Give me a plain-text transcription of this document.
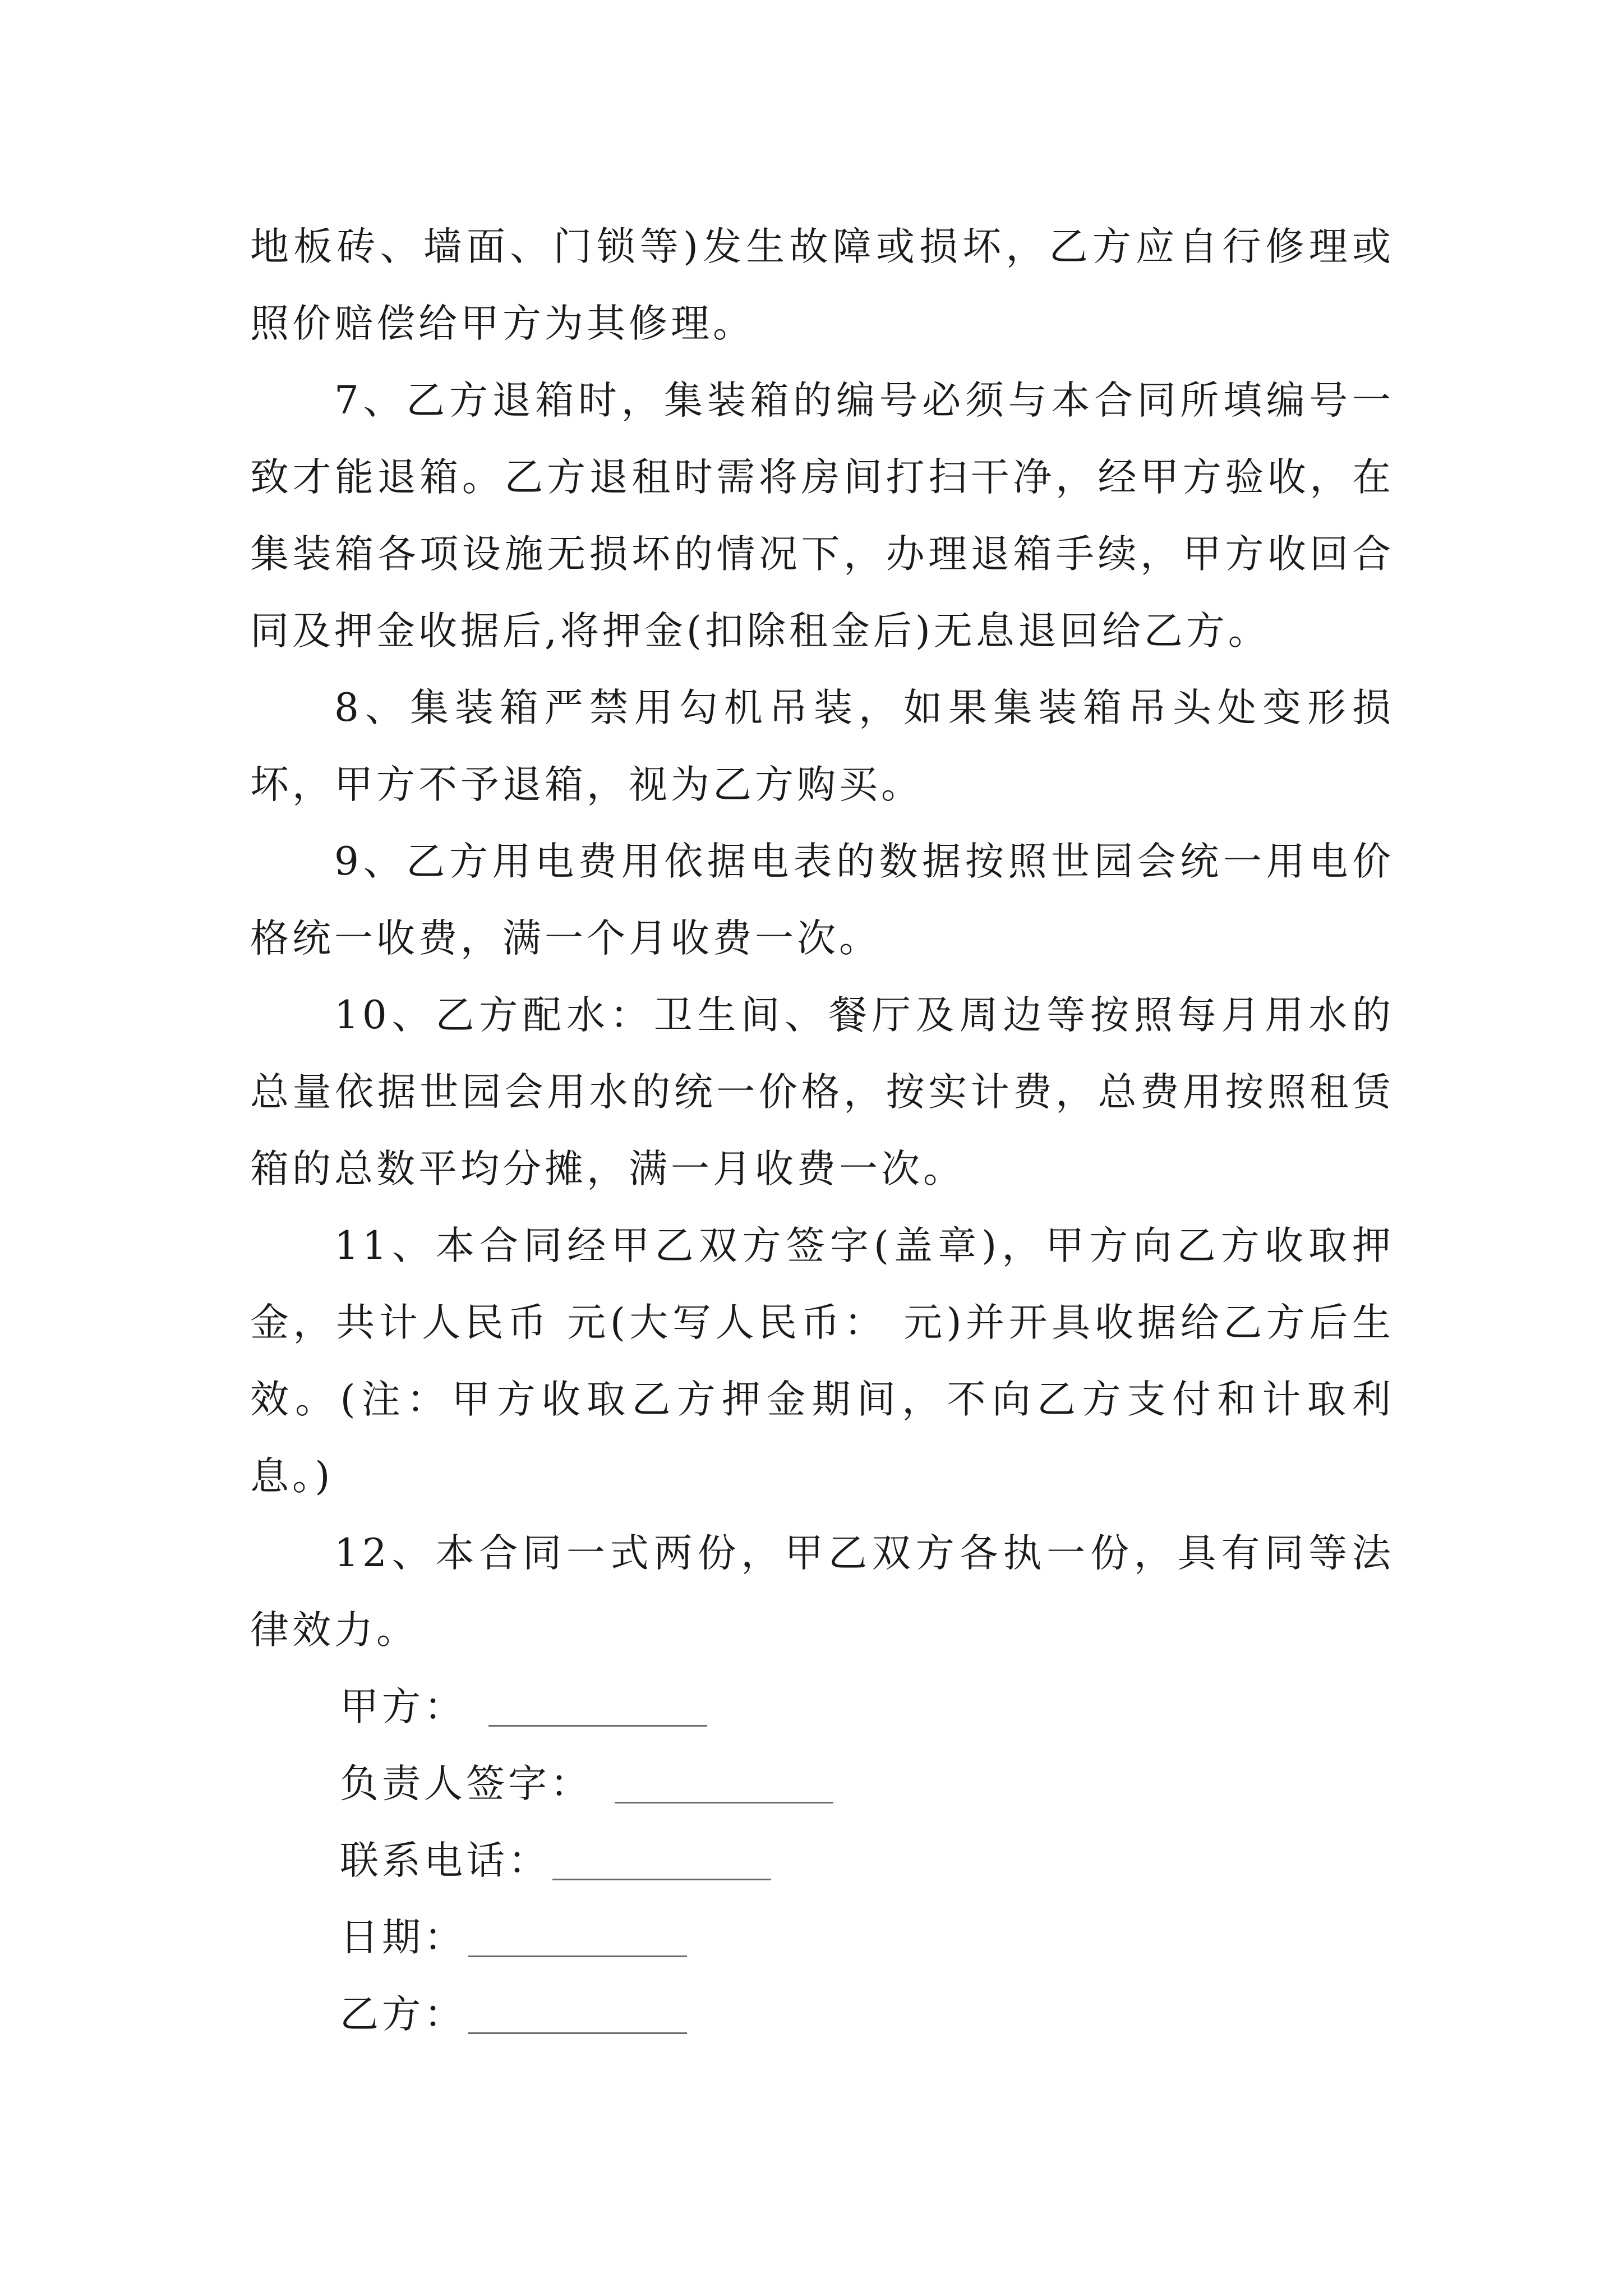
地板砖、墙面、门锁等)发生故障或损坏，乙方应自行修理或照价赔偿给甲方为其修理。

7、乙方退箱时，集装箱的编号必须与本合同所填编号一致才能退箱。乙方退租时需将房间打扫干净，经甲方验收，在集装箱各项设施无损坏的情况下，办理退箱手续，甲方收回合同及押金收据后,将押金(扣除租金后)无息退回给乙方。

8、集装箱严禁用勾机吊装，如果集装箱吊头处变形损坏，甲方不予退箱，视为乙方购买。

9、乙方用电费用依据电表的数据按照世园会统一用电价格统一收费，满一个月收费一次。

10、乙方配水：卫生间、餐厅及周边等按照每月用水的总量依据世园会用水的统一价格，按实计费，总费用按照租赁箱的总数平均分摊，满一月收费一次。

11、本合同经甲乙双方签字(盖章)，甲方向乙方收取押金，共计人民币 元(大写人民币： 元)并开具收据给乙方后生效。(注：甲方收取乙方押金期间，不向乙方支付和计取利息。)

12、本合同一式两份，甲乙双方各执一份，具有同等法律效力。

甲方：
负责人签字：
联系电话：
日期：
乙方：
